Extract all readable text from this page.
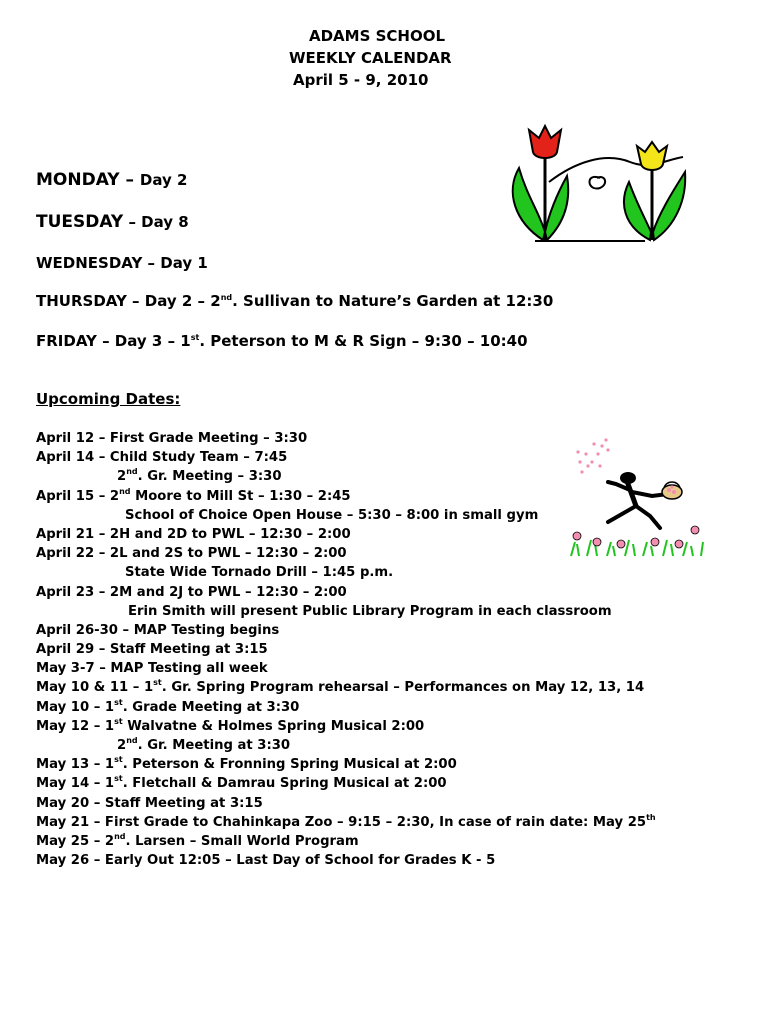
ADAMS SCHOOL
WEEKLY CALENDAR
April 5 - 9, 2010
MONDAY – Day 2
TUESDAY – Day 8
WEDNESDAY – Day 1
THURSDAY – Day 2 – 2nd. Sullivan to Nature’s Garden at 12:30
FRIDAY – Day 3 – 1st. Peterson to M & R Sign – 9:30 – 10:40
Upcoming Dates:
April 12 – First Grade Meeting – 3:30
April 14 – Child Study Team – 7:45
2nd. Gr. Meeting – 3:30
April 15 – 2nd Moore to Mill St – 1:30 – 2:45
School of Choice Open House – 5:30 – 8:00 in small gym
April 21 – 2H and 2D to PWL – 12:30 – 2:00
April 22 – 2L and 2S to PWL – 12:30 – 2:00
State Wide Tornado Drill – 1:45 p.m.
April 23 – 2M and 2J to PWL – 12:30 – 2:00
Erin Smith will present Public Library Program in each classroom
April 26-30 – MAP Testing begins
April 29 – Staff Meeting at 3:15
May 3-7 – MAP Testing all week
May 10 & 11 – 1st. Gr. Spring Program rehearsal – Performances on May 12, 13, 14
May 10 – 1st. Grade Meeting at 3:30
May 12 – 1st Walvatne & Holmes Spring Musical 2:00
2nd. Gr. Meeting at 3:30
May 13 – 1st. Peterson & Fronning Spring Musical at 2:00
May 14 – 1st. Fletchall & Damrau Spring Musical at 2:00
May 20 – Staff Meeting at 3:15
May 21 – First Grade to Chahinkapa Zoo – 9:15 – 2:30, In case of rain date: May 25th
May 25 – 2nd. Larsen – Small World Program
May 26 – Early Out 12:05 – Last Day of School for Grades K - 5
